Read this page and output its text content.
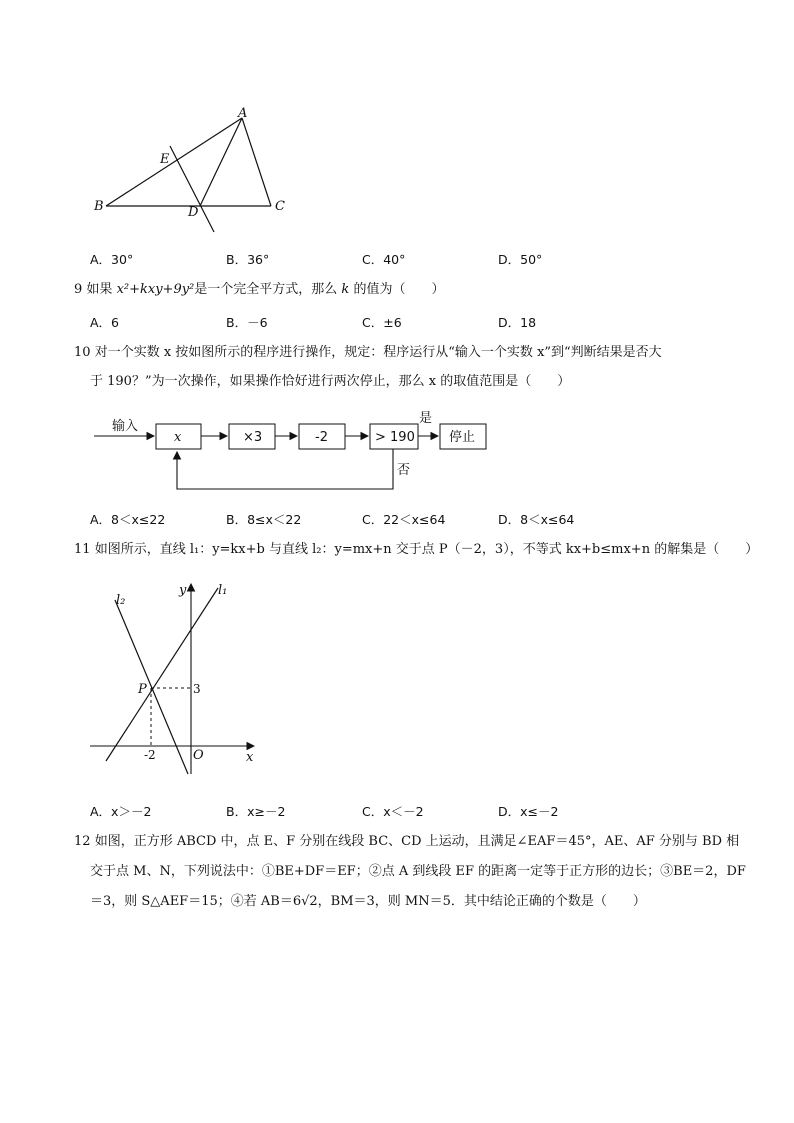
A
E
B	D	C
A．30°	B．36°	C．40°	D．50°
9 如果 x²+kxy+9y²是一个完全平方式，那么 k 的值为（　　）
A．6	B．－6	C．±6	D．18
10 对一个实数 x 按如图所示的程序进行操作，规定：程序运行从“输入一个实数 x”到“判断结果是否大
于 190？”为一次操作，如果操作恰好进行两次停止，那么 x 的取值范围是（　　）
输入
x	×3	-2	> 190
是
停止
否
A．8＜x≤22	B．8≤x＜22	C．22＜x≤64	D．8＜x≤64
11 如图所示，直线 l₁：y=kx+b 与直线 l₂：y=mx+n 交于点 P（－2，3），不等式 kx+b≤mx+n 的解集是（　　）
y
x
O
P	3
-2
l₁
l₂
A．x＞－2	B．x≥－2	C．x＜－2	D．x≤－2
12 如图，正方形 ABCD 中，点 E、F 分别在线段 BC、CD 上运动，且满足∠EAF＝45°，AE、AF 分别与 BD 相
交于点 M、N，下列说法中：①BE+DF＝EF；②点 A 到线段 EF 的距离一定等于正方形的边长；③BE＝2，DF
＝3，则 S△AEF＝15；④若 AB＝6√2，BM＝3，则 MN＝5．其中结论正确的个数是（　　）
